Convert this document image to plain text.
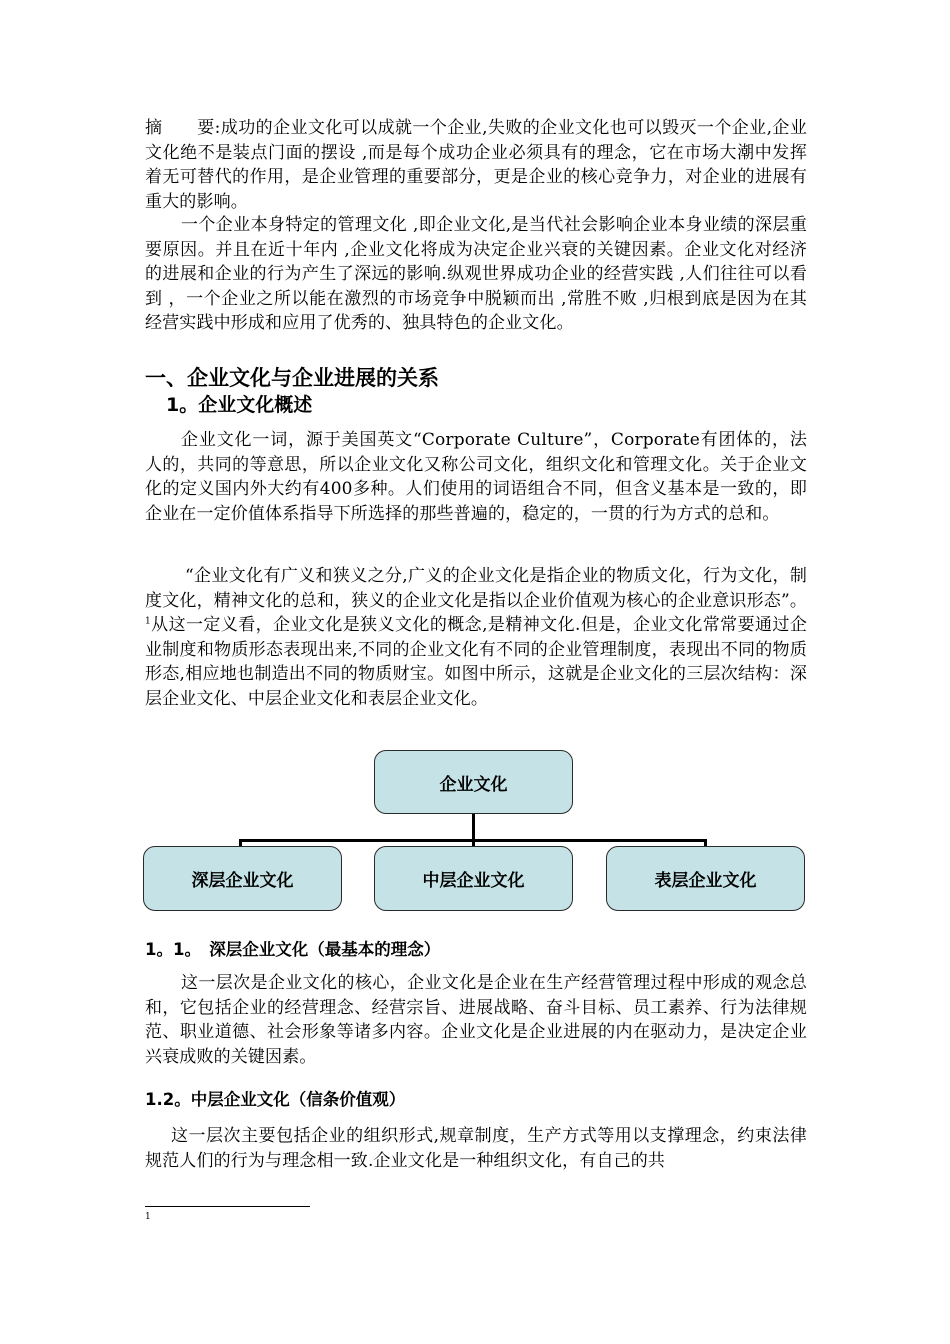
摘　　要:成功的企业文化可以成就一个企业,失败的企业文化也可以毁灭一个企业,企业文化绝不是装点门面的摆设 ,而是每个成功企业必须具有的理念，它在市场大潮中发挥着无可替代的作用，是企业管理的重要部分，更是企业的核心竞争力，对企业的进展有重大的影响。

一个企业本身特定的管理文化 ,即企业文化,是当代社会影响企业本身业绩的深层重要原因。并且在近十年内 ,企业文化将成为决定企业兴衰的关键因素。企业文化对经济的进展和企业的行为产生了深远的影响.纵观世界成功企业的经营实践 ,人们往往可以看到 ，一个企业之所以能在激烈的市场竞争中脱颖而出 ,常胜不败 ,归根到底是因为在其经营实践中形成和应用了优秀的、独具特色的企业文化。

一、企业文化与企业进展的关系
1。企业文化概述

企业文化一词，源于美国英文“Corporate Culture”，Corporate有团体的，法人的，共同的等意思，所以企业文化又称公司文化，组织文化和管理文化。关于企业文化的定义国内外大约有400多种。人们使用的词语组合不同，但含义基本是一致的，即企业在一定价值体系指导下所选择的那些普遍的，稳定的，一贯的行为方式的总和。

“企业文化有广义和狭义之分,广义的企业文化是指企业的物质文化，行为文化，制度文化，精神文化的总和，狭义的企业文化是指以企业价值观为核心的企业意识形态”。$^1$从这一定义看，企业文化是狭义文化的概念,是精神文化.但是，企业文化常常要通过企业制度和物质形态表现出来,不同的企业文化有不同的企业管理制度，表现出不同的物质形态,相应地也制造出不同的物质财宝。如图中所示，这就是企业文化的三层次结构：深层企业文化、中层企业文化和表层企业文化。

企业文化
深层企业文化	中层企业文化	表层企业文化
1。1。　深层企业文化（最基本的理念）

这一层次是企业文化的核心，企业文化是企业在生产经营管理过程中形成的观念总和，它包括企业的经营理念、经营宗旨、进展战略、奋斗目标、员工素养、行为法律规范、职业道德、社会形象等诸多内容。企业文化是企业进展的内在驱动力，是决定企业兴衰成败的关键因素。

1.2。中层企业文化（信条价值观）

这一层次主要包括企业的组织形式,规章制度，生产方式等用以支撑理念，约束法律规范人们的行为与理念相一致.企业文化是一种组织文化，有自己的共

1
